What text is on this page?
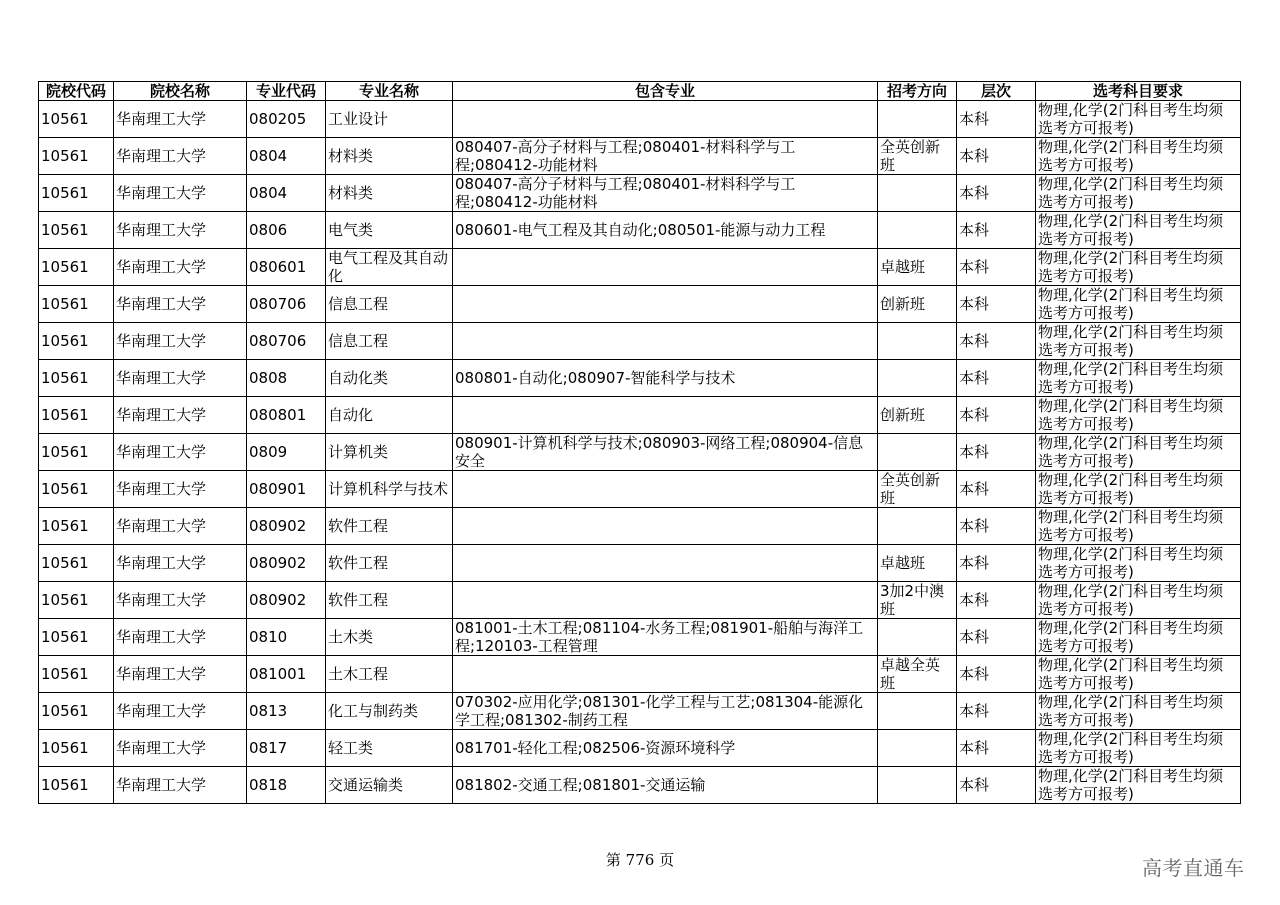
院校代码	院校名称	专业代码	专业名称	包含专业	招考方向	层次	选考科目要求
10561	华南理工大学	080205	工业设计			本科	物理,化学(2门科目考生均须选考方可报考)
10561	华南理工大学	0804	材料类	080407-高分子材料与工程;080401-材料科学与工程;080412-功能材料	全英创新班	本科	物理,化学(2门科目考生均须选考方可报考)
10561	华南理工大学	0804	材料类	080407-高分子材料与工程;080401-材料科学与工程;080412-功能材料		本科	物理,化学(2门科目考生均须选考方可报考)
10561	华南理工大学	0806	电气类	080601-电气工程及其自动化;080501-能源与动力工程		本科	物理,化学(2门科目考生均须选考方可报考)
10561	华南理工大学	080601	电气工程及其自动化		卓越班	本科	物理,化学(2门科目考生均须选考方可报考)
10561	华南理工大学	080706	信息工程		创新班	本科	物理,化学(2门科目考生均须选考方可报考)
10561	华南理工大学	080706	信息工程			本科	物理,化学(2门科目考生均须选考方可报考)
10561	华南理工大学	0808	自动化类	080801-自动化;080907-智能科学与技术		本科	物理,化学(2门科目考生均须选考方可报考)
10561	华南理工大学	080801	自动化		创新班	本科	物理,化学(2门科目考生均须选考方可报考)
10561	华南理工大学	0809	计算机类	080901-计算机科学与技术;080903-网络工程;080904-信息安全		本科	物理,化学(2门科目考生均须选考方可报考)
10561	华南理工大学	080901	计算机科学与技术		全英创新班	本科	物理,化学(2门科目考生均须选考方可报考)
10561	华南理工大学	080902	软件工程			本科	物理,化学(2门科目考生均须选考方可报考)
10561	华南理工大学	080902	软件工程		卓越班	本科	物理,化学(2门科目考生均须选考方可报考)
10561	华南理工大学	080902	软件工程		3加2中澳班	本科	物理,化学(2门科目考生均须选考方可报考)
10561	华南理工大学	0810	土木类	081001-土木工程;081104-水务工程;081901-船舶与海洋工程;120103-工程管理		本科	物理,化学(2门科目考生均须选考方可报考)
10561	华南理工大学	081001	土木工程		卓越全英班	本科	物理,化学(2门科目考生均须选考方可报考)
10561	华南理工大学	0813	化工与制药类	070302-应用化学;081301-化学工程与工艺;081304-能源化学工程;081302-制药工程		本科	物理,化学(2门科目考生均须选考方可报考)
10561	华南理工大学	0817	轻工类	081701-轻化工程;082506-资源环境科学		本科	物理,化学(2门科目考生均须选考方可报考)
10561	华南理工大学	0818	交通运输类	081802-交通工程;081801-交通运输		本科	物理,化学(2门科目考生均须选考方可报考)
第 776 页	高考直通车
